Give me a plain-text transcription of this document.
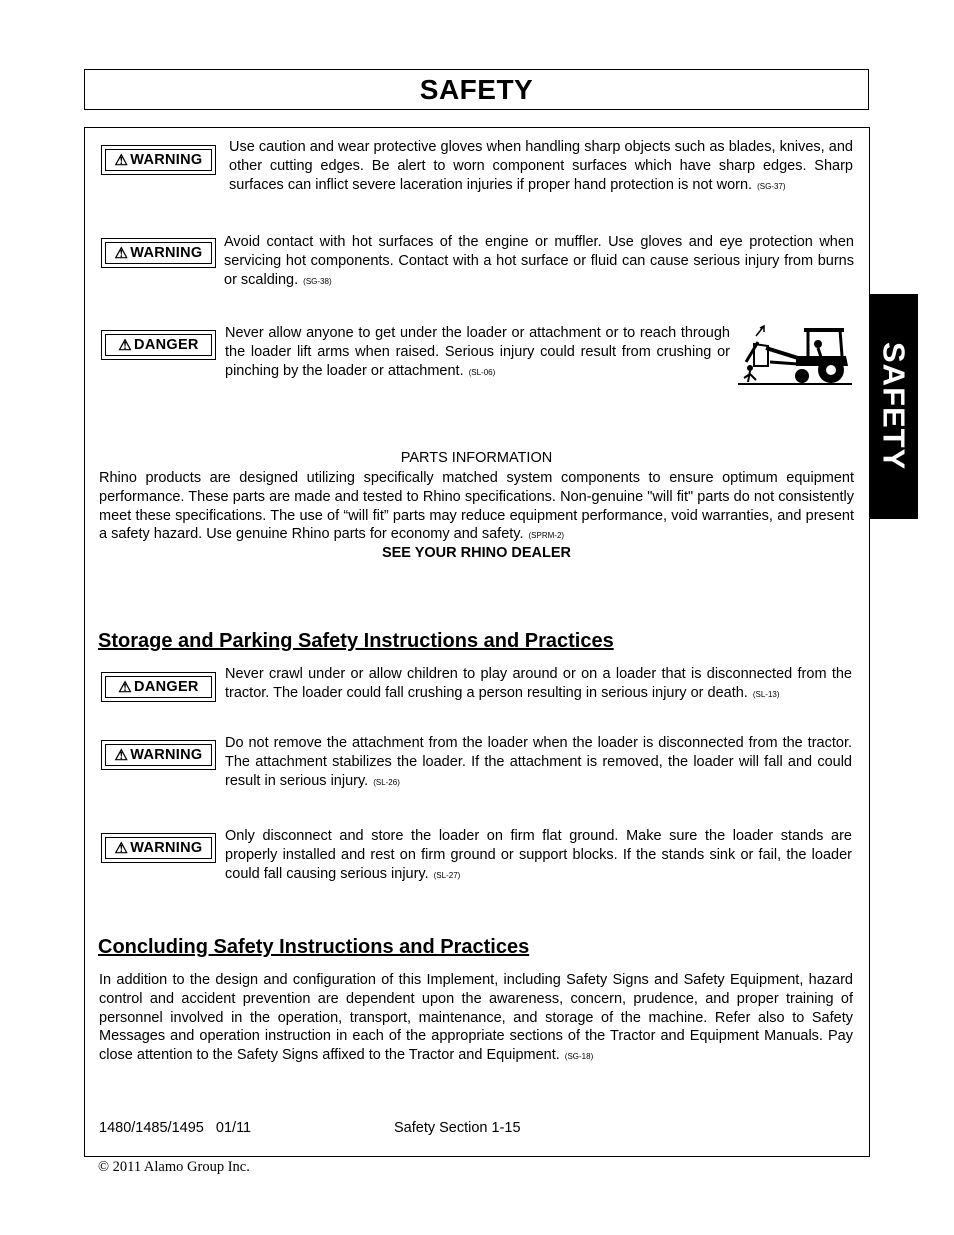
SAFETY
SAFETY
⚠ WARNING
Use caution and wear protective gloves when handling sharp objects such as blades, knives, and other cutting edges. Be alert to worn component surfaces which have sharp edges. Sharp surfaces can inflict severe laceration injuries if proper hand protection is not worn. (SG-37)
⚠ WARNING
Avoid contact with hot surfaces of the engine or muffler. Use gloves and eye protection when servicing hot components. Contact with a hot surface or fluid can cause serious injury from burns or scalding. (SG-38)
⚠ DANGER
Never allow anyone to get under the loader or attachment or to reach through the loader lift arms when raised. Serious injury could result from crushing or pinching by the loader or attachment. (SL-06)
PARTS INFORMATION
Rhino products are designed utilizing specifically matched system components to ensure optimum equipment performance. These parts are made and tested to Rhino specifications. Non-genuine "will fit" parts do not consistently meet these specifications. The use of “will fit” parts may reduce equipment performance, void warranties, and present a safety hazard. Use genuine Rhino parts for economy and safety. (SPRM-2)
SEE YOUR RHINO DEALER
Storage and Parking Safety Instructions and Practices
⚠ DANGER
Never crawl under or allow children to play around or on a loader that is disconnected from the tractor. The loader could fall crushing a person resulting in serious injury or death. (SL-13)
⚠ WARNING
Do not remove the attachment from the loader when the loader is disconnected from the tractor. The attachment stabilizes the loader. If the attachment is removed, the loader will fall and could result in serious injury. (SL-26)
⚠ WARNING
Only disconnect and store the loader on firm flat ground. Make sure the loader stands are properly installed and rest on firm ground or support blocks. If the stands sink or fail, the loader could fall causing serious injury. (SL-27)
Concluding Safety Instructions and Practices
In addition to the design and configuration of this Implement, including Safety Signs and Safety Equipment, hazard control and accident prevention are dependent upon the awareness, concern, prudence, and proper training of personnel involved in the operation, transport, maintenance, and storage of the machine. Refer also to Safety Messages and operation instruction in each of the appropriate sections of the Tractor and Equipment Manuals. Pay close attention to the Safety Signs affixed to the Tractor and Equipment. (SG-18)
1480/1485/1495   01/11	Safety Section 1-15
© 2011 Alamo Group Inc.
